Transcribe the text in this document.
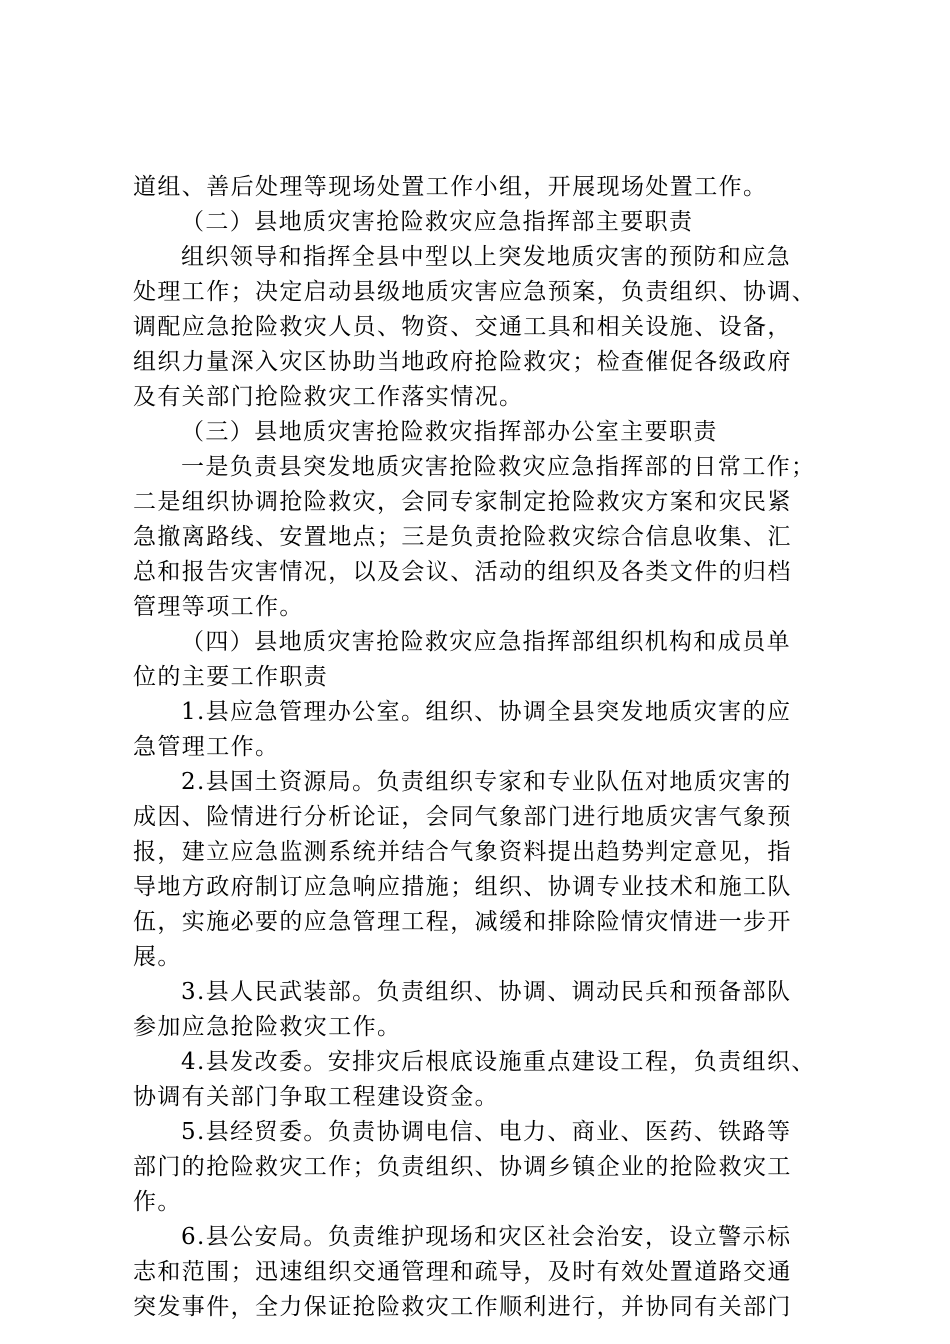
道组、善后处理等现场处置工作小组，开展现场处置工作。
（二）县地质灾害抢险救灾应急指挥部主要职责
组织领导和指挥全县中型以上突发地质灾害的预防和应急
处理工作；决定启动县级地质灾害应急预案，负责组织、协调、
调配应急抢险救灾人员、物资、交通工具和相关设施、设备，
组织力量深入灾区协助当地政府抢险救灾；检查催促各级政府
及有关部门抢险救灾工作落实情况。
（三）县地质灾害抢险救灾指挥部办公室主要职责
一是负责县突发地质灾害抢险救灾应急指挥部的日常工作；
二是组织协调抢险救灾，会同专家制定抢险救灾方案和灾民紧
急撤离路线、安置地点；三是负责抢险救灾综合信息收集、汇
总和报告灾害情况，以及会议、活动的组织及各类文件的归档
管理等项工作。
（四）县地质灾害抢险救灾应急指挥部组织机构和成员单
位的主要工作职责
1.县应急管理办公室。组织、协调全县突发地质灾害的应
急管理工作。
2.县国土资源局。负责组织专家和专业队伍对地质灾害的
成因、险情进行分析论证，会同气象部门进行地质灾害气象预
报，建立应急监测系统并结合气象资料提出趋势判定意见，指
导地方政府制订应急响应措施；组织、协调专业技术和施工队
伍，实施必要的应急管理工程，减缓和排除险情灾情进一步开
展。
3.县人民武装部。负责组织、协调、调动民兵和预备部队
参加应急抢险救灾工作。
4.县发改委。安排灾后根底设施重点建设工程，负责组织、
协调有关部门争取工程建设资金。
5.县经贸委。负责协调电信、电力、商业、医药、铁路等
部门的抢险救灾工作；负责组织、协调乡镇企业的抢险救灾工
作。
6.县公安局。负责维护现场和灾区社会治安，设立警示标
志和范围；迅速组织交通管理和疏导，及时有效处置道路交通
突发事件，全力保证抢险救灾工作顺利进行，并协同有关部门
